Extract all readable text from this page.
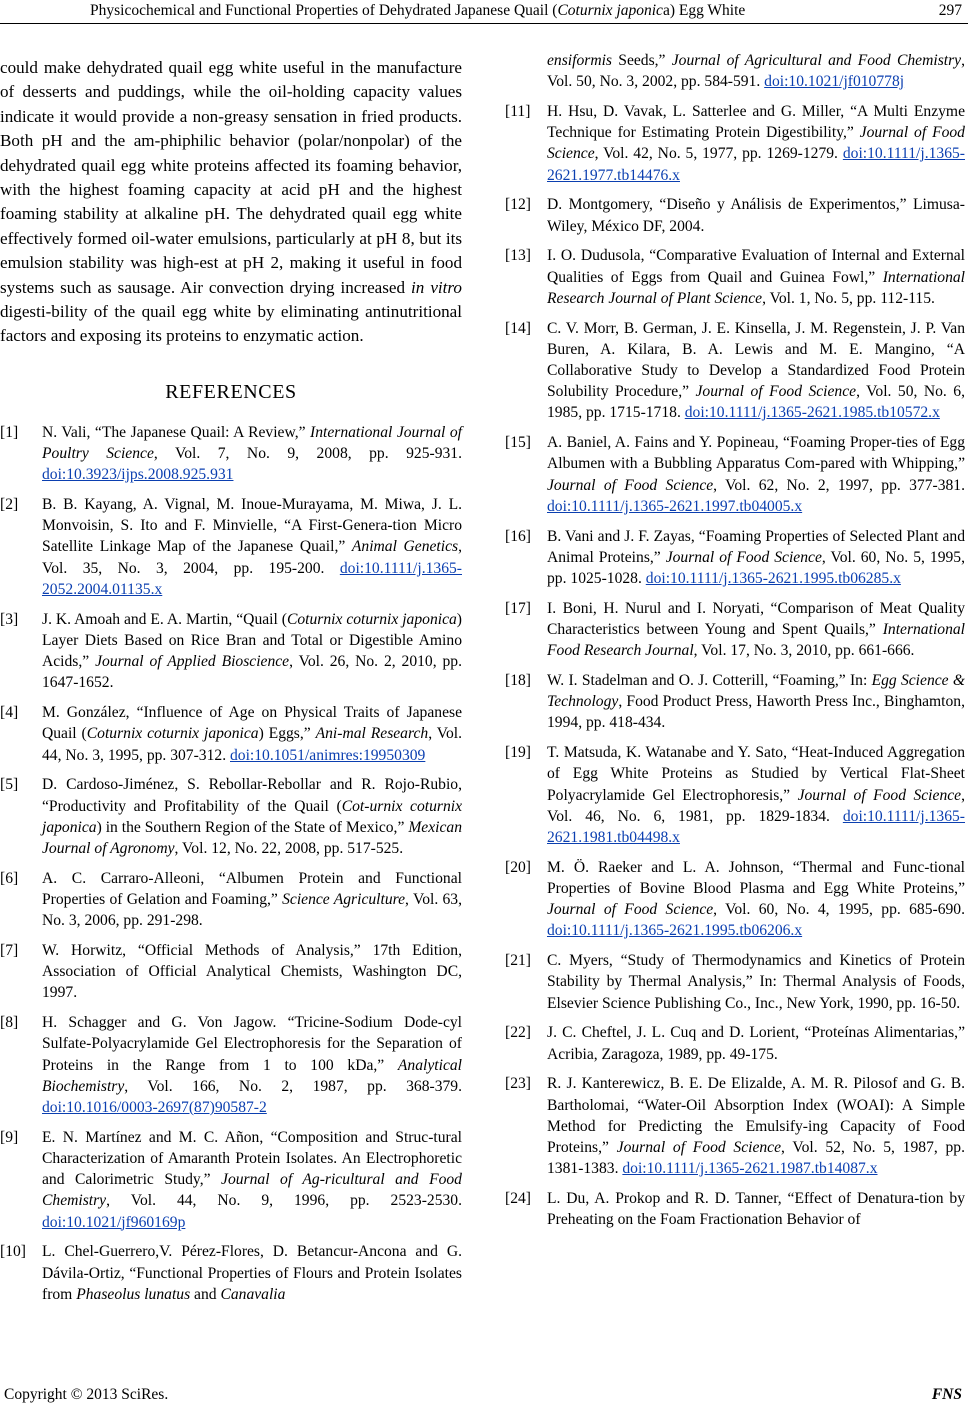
Physicochemical and Functional Properties of Dehydrated Japanese Quail (Coturnix japonica) Egg White	297

could make dehydrated quail egg white useful in the manufacture of desserts and puddings, while the oil-holding capacity values indicate it would provide a non-greasy sensation in fried products. Both pH and the am-phiphilic behavior (polar/nonpolar) of the dehydrated quail egg white proteins affected its foaming behavior, with the highest foaming capacity at acid pH and the highest foaming stability at alkaline pH. The dehydrated quail egg white effectively formed oil-water emulsions, particularly at pH 8, but its emulsion stability was high-est at pH 2, making it useful in food systems such as sausage. Air convection drying increased in vitro digesti-bility of the quail egg white by eliminating antinutritional factors and exposing its proteins to enzymatic action.

REFERENCES
[1] N. Vali, “The Japanese Quail: A Review,” International Journal of Poultry Science, Vol. 7, No. 9, 2008, pp. 925-931. doi:10.3923/ijps.2008.925.931
[2] B. B. Kayang, A. Vignal, M. Inoue-Murayama, M. Miwa, J. L. Monvoisin, S. Ito and F. Minvielle, “A First-Genera-tion Micro Satellite Linkage Map of the Japanese Quail,” Animal Genetics, Vol. 35, No. 3, 2004, pp. 195-200. doi:10.1111/j.1365-2052.2004.01135.x
[3] J. K. Amoah and E. A. Martin, “Quail (Coturnix coturnix japonica) Layer Diets Based on Rice Bran and Total or Digestible Amino Acids,” Journal of Applied Bioscience, Vol. 26, No. 2, 2010, pp. 1647-1652.
[4] M. González, “Influence of Age on Physical Traits of Japanese Quail (Coturnix coturnix japonica) Eggs,” Ani-mal Research, Vol. 44, No. 3, 1995, pp. 307-312. doi:10.1051/animres:19950309
[5] D. Cardoso-Jiménez, S. Rebollar-Rebollar and R. Rojo-Rubio, “Productivity and Profitability of the Quail (Cot-urnix coturnix japonica) in the Southern Region of the State of Mexico,” Mexican Journal of Agronomy, Vol. 12, No. 22, 2008, pp. 517-525.
[6] A. C. Carraro-Alleoni, “Albumen Protein and Functional Properties of Gelation and Foaming,” Science Agriculture, Vol. 63, No. 3, 2006, pp. 291-298.
[7] W. Horwitz, “Official Methods of Analysis,” 17th Edition, Association of Official Analytical Chemists, Washington DC, 1997.
[8] H. Schagger and G. Von Jagow. “Tricine-Sodium Dode-cyl Sulfate-Polyacrylamide Gel Electrophoresis for the Separation of Proteins in the Range from 1 to 100 kDa,” Analytical Biochemistry, Vol. 166, No. 2, 1987, pp. 368-379. doi:10.1016/0003-2697(87)90587-2
[9] E. N. Martínez and M. C. Añon, “Composition and Struc-tural Characterization of Amaranth Protein Isolates. An Electrophoretic and Calorimetric Study,” Journal of Ag-ricultural and Food Chemistry, Vol. 44, No. 9, 1996, pp. 2523-2530. doi:10.1021/jf960169p
[10] L. Chel-Guerrero,V. Pérez-Flores, D. Betancur-Ancona and G. Dávila-Ortiz, “Functional Properties of Flours and Protein Isolates from Phaseolus lunatus and Canavalia
ensiformis Seeds,” Journal of Agricultural and Food Chemistry, Vol. 50, No. 3, 2002, pp. 584-591. doi:10.1021/jf010778j
[11] H. Hsu, D. Vavak, L. Satterlee and G. Miller, “A Multi Enzyme Technique for Estimating Protein Digestibility,” Journal of Food Science, Vol. 42, No. 5, 1977, pp. 1269-1279. doi:10.1111/j.1365-2621.1977.tb14476.x
[12] D. Montgomery, “Diseño y Análisis de Experimentos,” Limusa-Wiley, México DF, 2004.
[13] I. O. Dudusola, “Comparative Evaluation of Internal and External Qualities of Eggs from Quail and Guinea Fowl,” International Research Journal of Plant Science, Vol. 1, No. 5, pp. 112-115.
[14] C. V. Morr, B. German, J. E. Kinsella, J. M. Regenstein, J. P. Van Buren, A. Kilara, B. A. Lewis and M. E. Mangino, “A Collaborative Study to Develop a Standardized Food Protein Solubility Procedure,” Journal of Food Science, Vol. 50, No. 6, 1985, pp. 1715-1718. doi:10.1111/j.1365-2621.1985.tb10572.x
[15] A. Baniel, A. Fains and Y. Popineau, “Foaming Proper-ties of Egg Albumen with a Bubbling Apparatus Com-pared with Whipping,” Journal of Food Science, Vol. 62, No. 2, 1997, pp. 377-381. doi:10.1111/j.1365-2621.1997.tb04005.x
[16] B. Vani and J. F. Zayas, “Foaming Properties of Selected Plant and Animal Proteins,” Journal of Food Science, Vol. 60, No. 5, 1995, pp. 1025-1028. doi:10.1111/j.1365-2621.1995.tb06285.x
[17] I. Boni, H. Nurul and I. Noryati, “Comparison of Meat Quality Characteristics between Young and Spent Quails,” International Food Research Journal, Vol. 17, No. 3, 2010, pp. 661-666.
[18] W. I. Stadelman and O. J. Cotterill, “Foaming,” In: Egg Science & Technology, Food Product Press, Haworth Press Inc., Binghamton, 1994, pp. 418-434.
[19] T. Matsuda, K. Watanabe and Y. Sato, “Heat-Induced Aggregation of Egg White Proteins as Studied by Vertical Flat-Sheet Polyacrylamide Gel Electrophoresis,” Journal of Food Science, Vol. 46, No. 6, 1981, pp. 1829-1834. doi:10.1111/j.1365-2621.1981.tb04498.x
[20] M. Ö. Raeker and L. A. Johnson, “Thermal and Func-tional Properties of Bovine Blood Plasma and Egg White Proteins,” Journal of Food Science, Vol. 60, No. 4, 1995, pp. 685-690. doi:10.1111/j.1365-2621.1995.tb06206.x
[21] C. Myers, “Study of Thermodynamics and Kinetics of Protein Stability by Thermal Analysis,” In: Thermal Analysis of Foods, Elsevier Science Publishing Co., Inc., New York, 1990, pp. 16-50.
[22] J. C. Cheftel, J. L. Cuq and D. Lorient, “Proteínas Alimentarias,” Acribia, Zaragoza, 1989, pp. 49-175.
[23] R. J. Kanterewicz, B. E. De Elizalde, A. M. R. Pilosof and G. B. Bartholomai, “Water-Oil Absorption Index (WOAI): A Simple Method for Predicting the Emulsify-ing Capacity of Food Proteins,” Journal of Food Science, Vol. 52, No. 5, 1987, pp. 1381-1383. doi:10.1111/j.1365-2621.1987.tb14087.x
[24] L. Du, A. Prokop and R. D. Tanner, “Effect of Denatura-tion by Preheating on the Foam Fractionation Behavior of
Copyright © 2013 SciRes.	FNS
